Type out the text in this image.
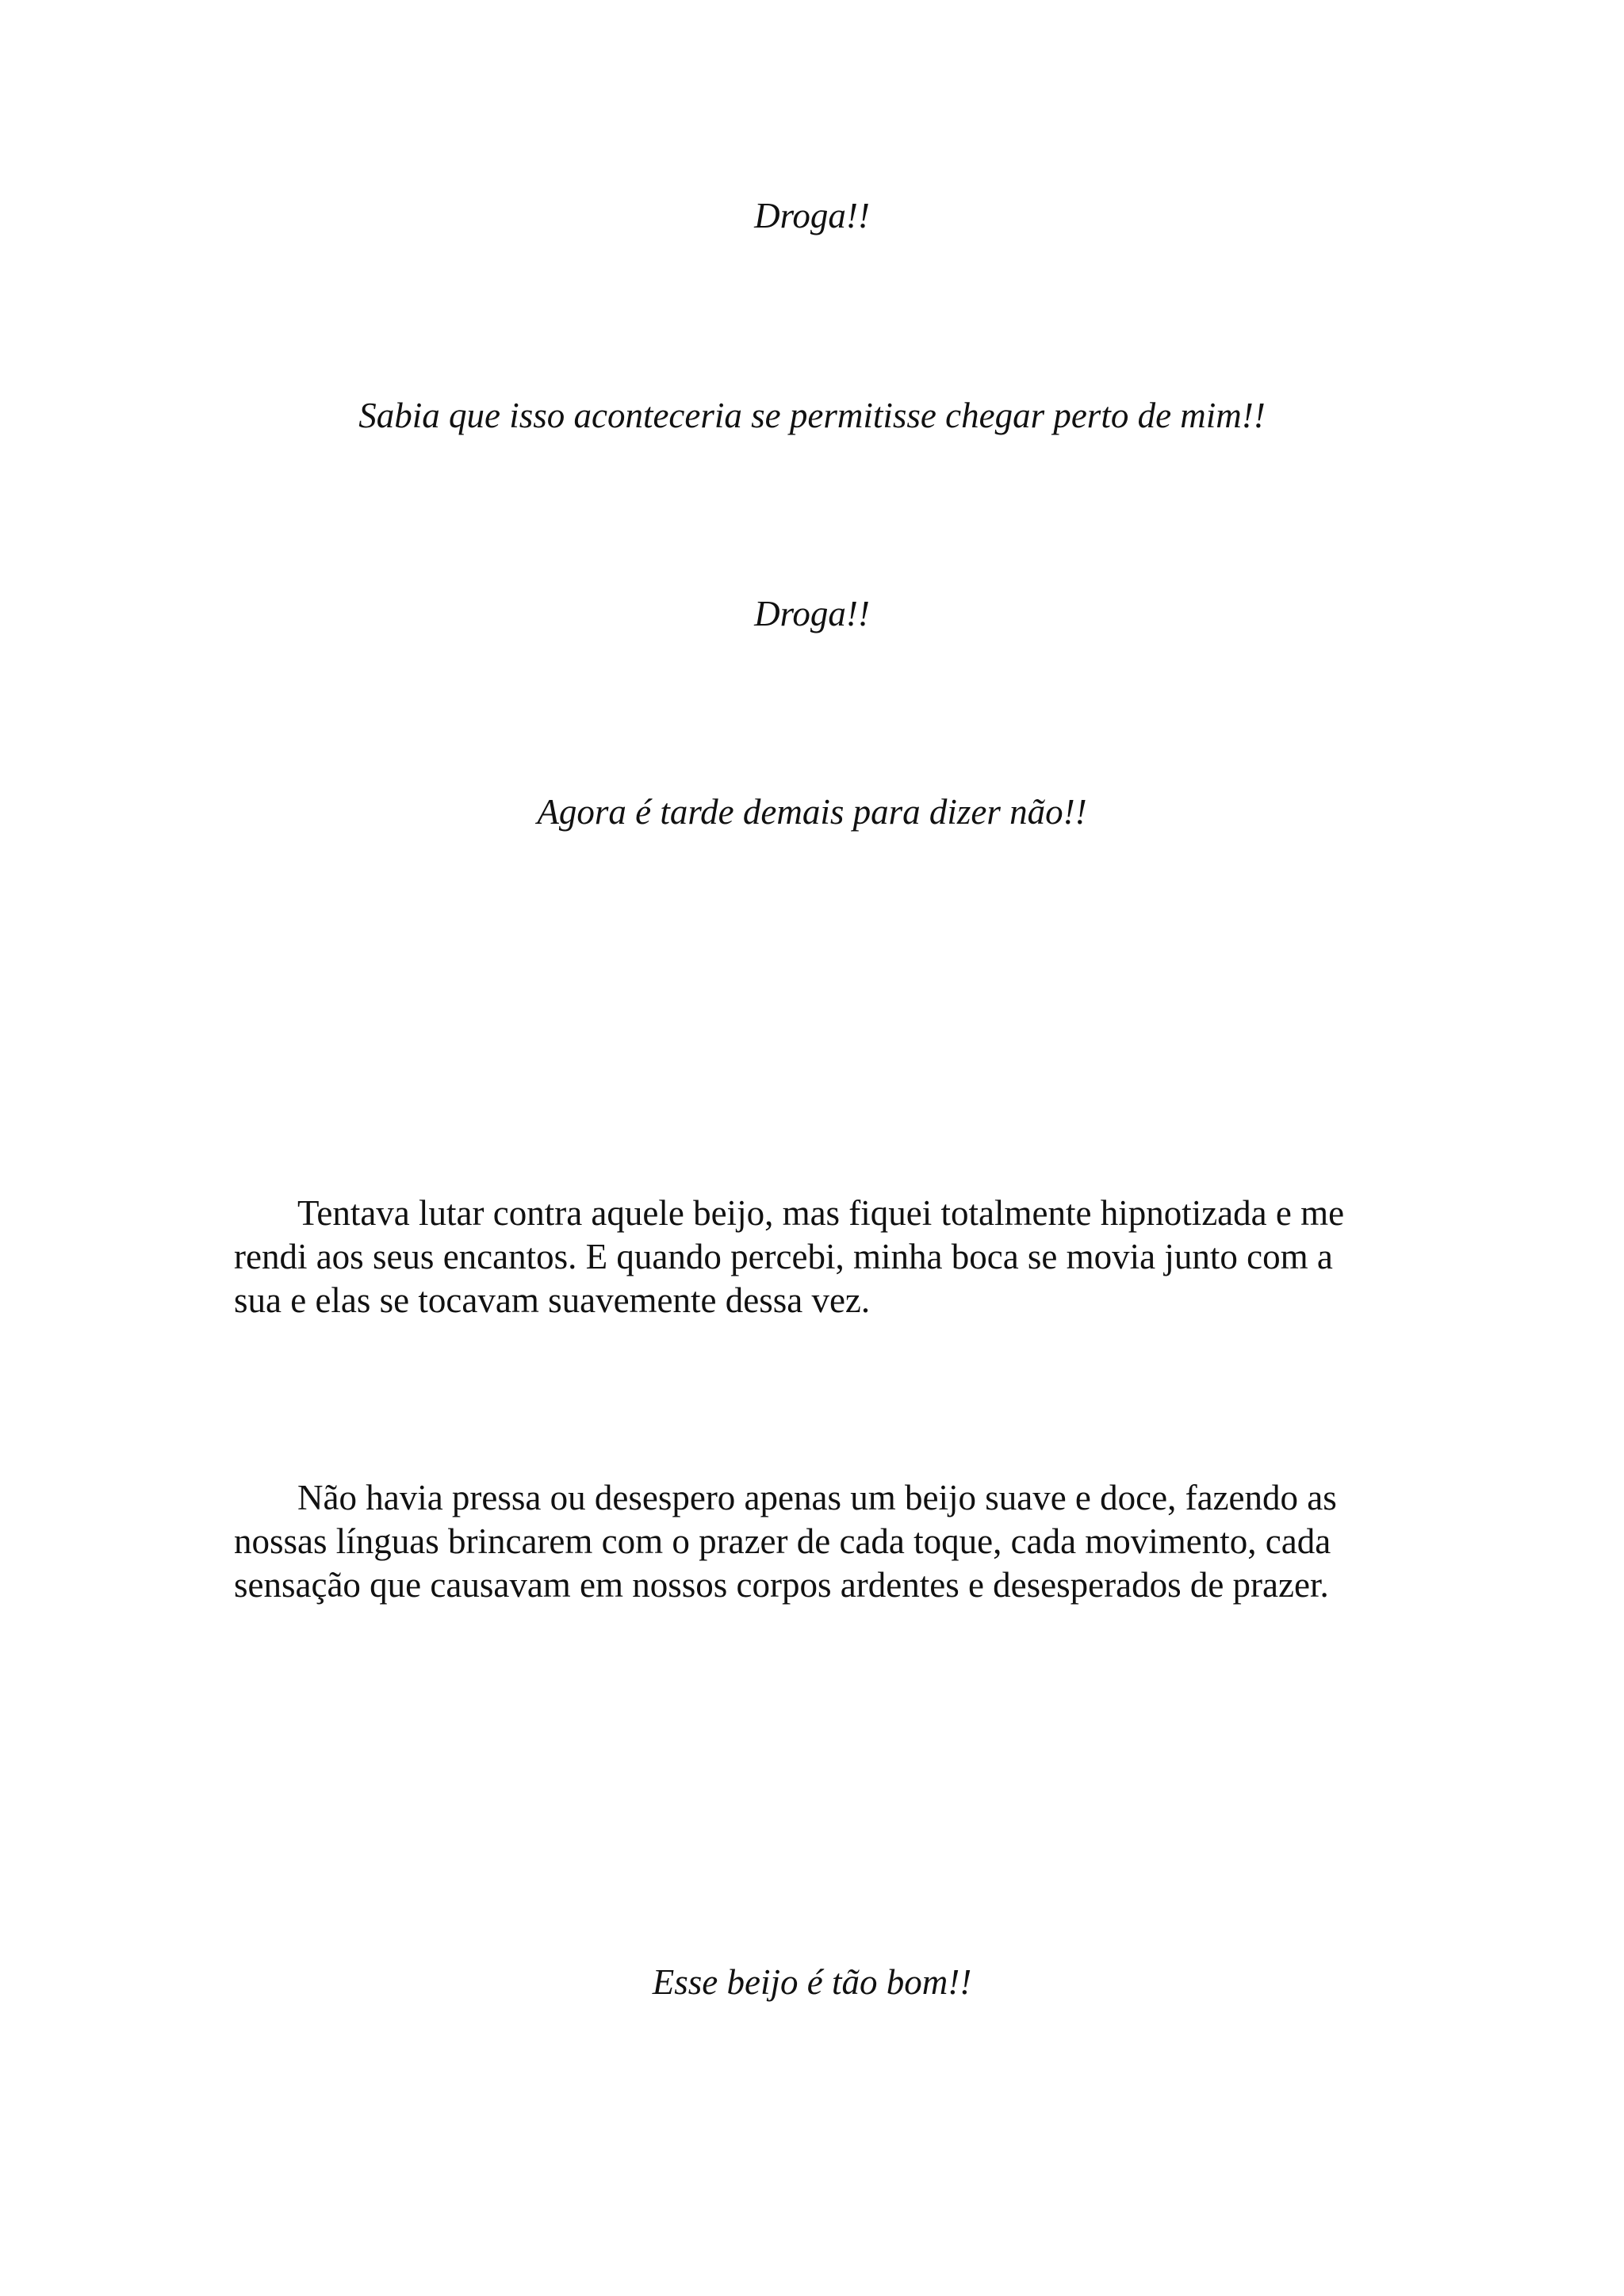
Droga!!
Sabia que isso aconteceria se permitisse chegar perto de mim!!
Droga!!
Agora é tarde demais para dizer não!!
Tentava lutar contra aquele beijo, mas fiquei totalmente hipnotizada e me
rendi aos seus encantos. E quando percebi, minha boca se movia junto com a
sua e elas se tocavam suavemente dessa vez.
Não havia pressa ou desespero apenas um beijo suave e doce, fazendo as
nossas línguas brincarem com o prazer de cada toque, cada movimento, cada
sensação que causavam em nossos corpos ardentes e desesperados de prazer.
Esse beijo é tão bom!!
